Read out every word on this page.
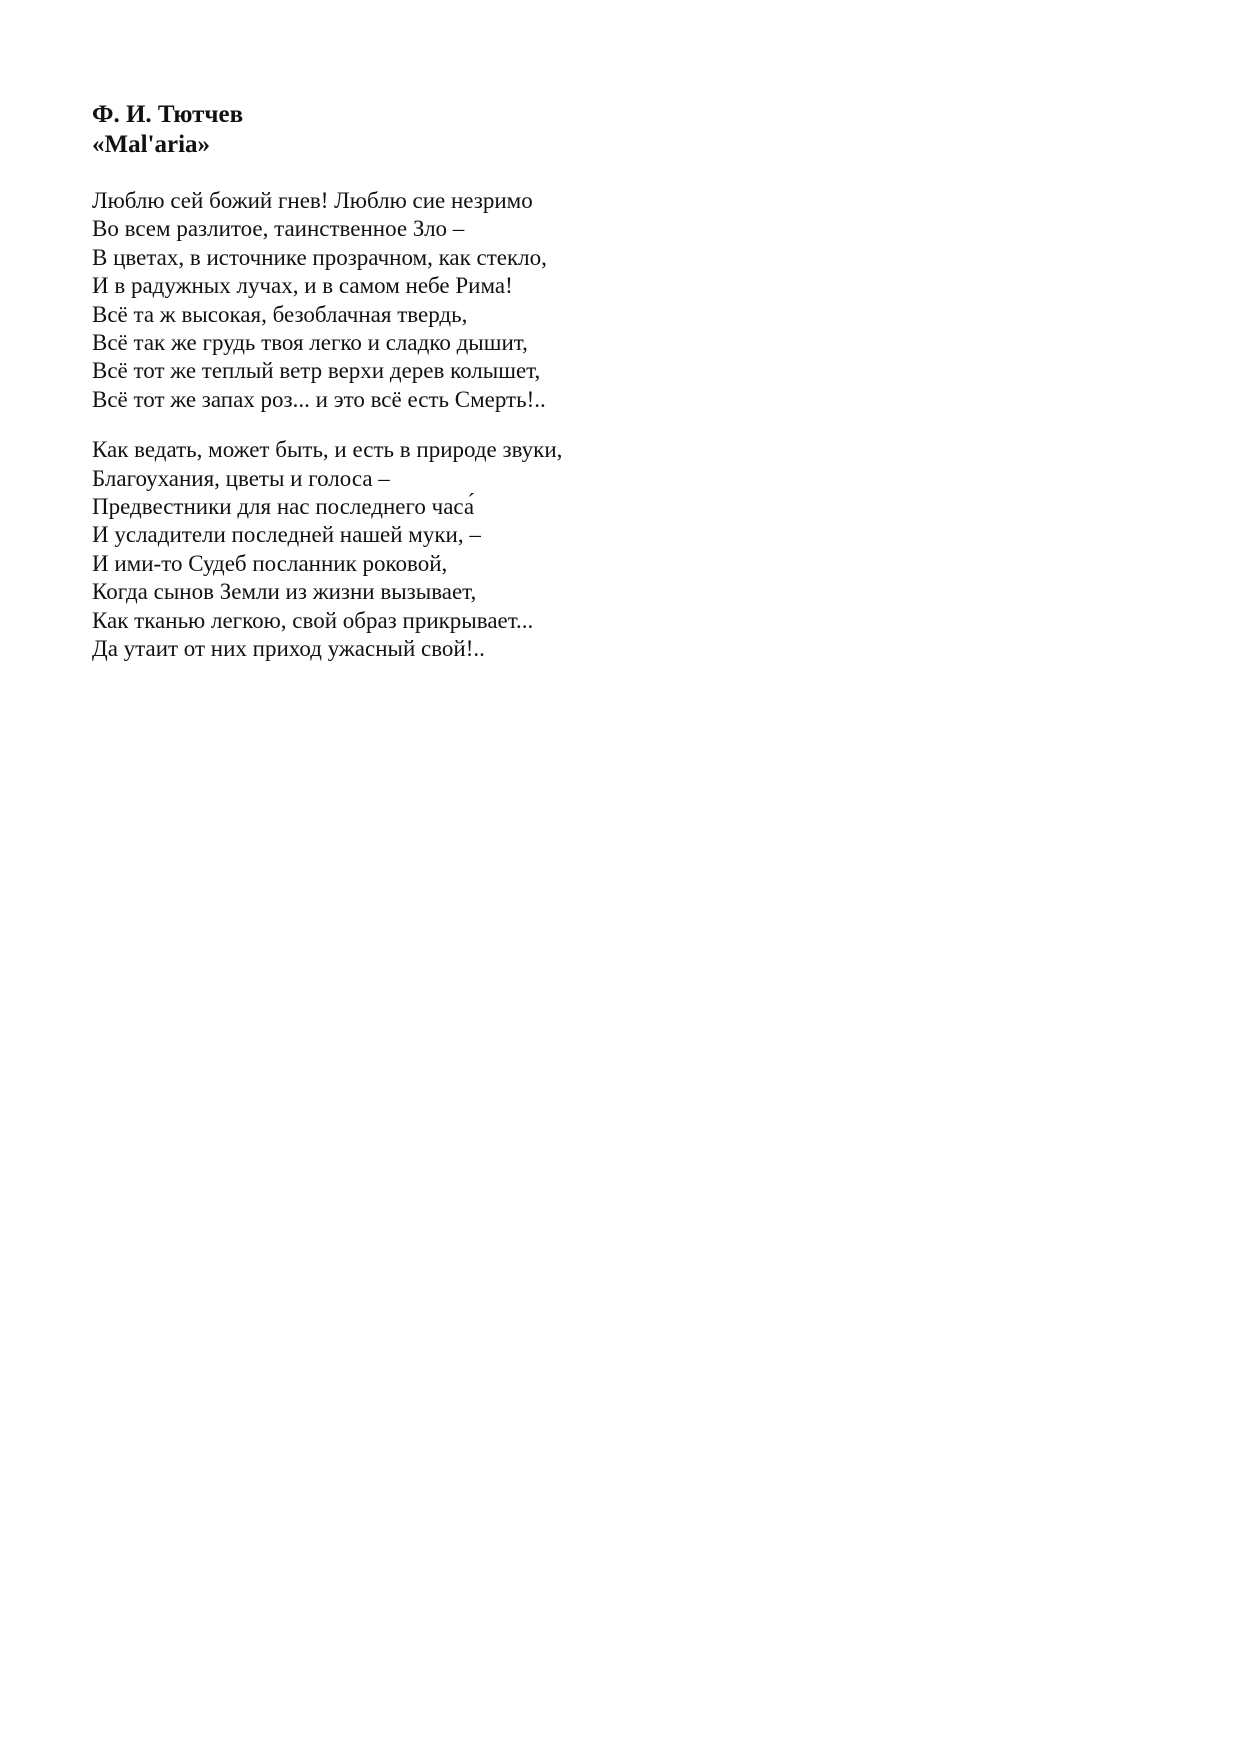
Ф. И. Тютчев
«Mal'aria»
Люблю сей божий гнев! Люблю сие незримо
Во всем разлитое, таинственное Зло –
В цветах, в источнике прозрачном, как стекло,
И в радужных лучах, и в самом небе Рима!
Всё та ж высокая, безоблачная твердь,
Всё так же грудь твоя легко и сладко дышит,
Всё тот же теплый ветр верхи дерев колышет,
Всё тот же запах роз... и это всё есть Смерть!..
Как ведать, может быть, и есть в природе звуки,
Благоухания, цветы и голоса –
Предвестники для нас последнего часа́
И усладители последней нашей муки, –
И ими-то Судеб посланник роковой,
Когда сынов Земли из жизни вызывает,
Как тканью легкою, свой образ прикрывает...
Да утаит от них приход ужасный свой!..
